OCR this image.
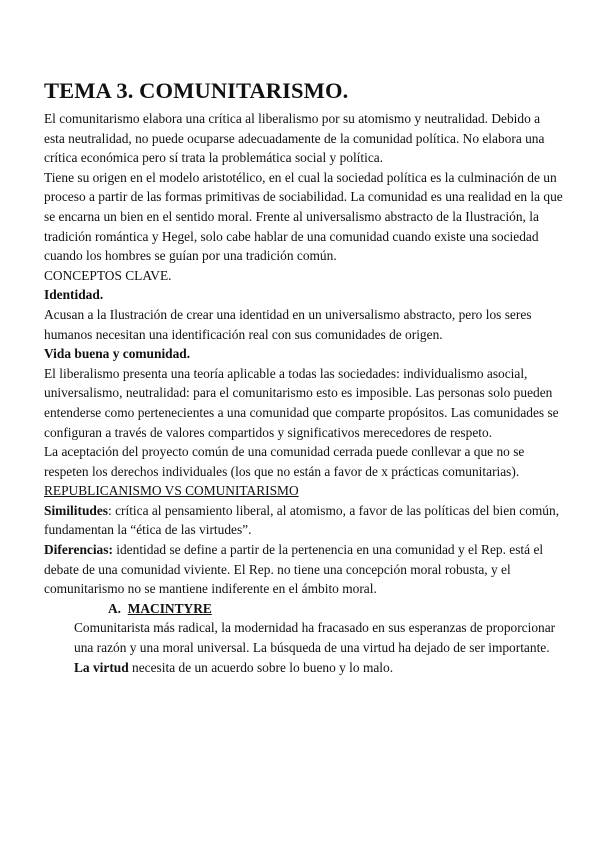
TEMA 3. COMUNITARISMO.

El comunitarismo elabora una crítica al liberalismo por su atomismo y neutralidad. Debido a esta neutralidad, no puede ocuparse adecuadamente de la comunidad política. No elabora una crítica económica pero sí trata la problemática social y política.

Tiene su origen en el modelo aristotélico, en el cual la sociedad política es la culminación de un proceso a partir de las formas primitivas de sociabilidad. La comunidad es una realidad en la que se encarna un bien en el sentido moral. Frente al universalismo abstracto de la Ilustración, la tradición romántica y Hegel, solo cabe hablar de una comunidad cuando existe una sociedad cuando los hombres se guían por una tradición común.

CONCEPTOS CLAVE.

Identidad.

Acusan a la Ilustración de crear una identidad en un universalismo abstracto, pero los seres humanos necesitan una identificación real con sus comunidades de origen.

Vida buena y comunidad.

El liberalismo presenta una teoría aplicable a todas las sociedades: individualismo asocial, universalismo, neutralidad: para el comunitarismo esto es imposible. Las personas solo pueden entenderse como pertenecientes a una comunidad que comparte propósitos. Las comunidades se configuran a través de valores compartidos y significativos merecedores de respeto.

La aceptación del proyecto común de una comunidad cerrada puede conllevar a que no se respeten los derechos individuales (los que no están a favor de x prácticas comunitarias).

REPUBLICANISMO VS COMUNITARISMO

Similitudes: crítica al pensamiento liberal, al atomismo, a favor de las políticas del bien común, fundamentan la “ética de las virtudes”.

Diferencias: identidad se define a partir de la pertenencia en una comunidad y el Rep. está el debate de una comunidad viviente. El Rep. no tiene una concepción moral robusta, y el comunitarismo no se mantiene indiferente en el ámbito moral.

A. MACINTYRE

Comunitarista más radical, la modernidad ha fracasado en sus esperanzas de proporcionar una razón y una moral universal. La búsqueda de una virtud ha dejado de ser importante.

La virtud necesita de un acuerdo sobre lo bueno y lo malo.
